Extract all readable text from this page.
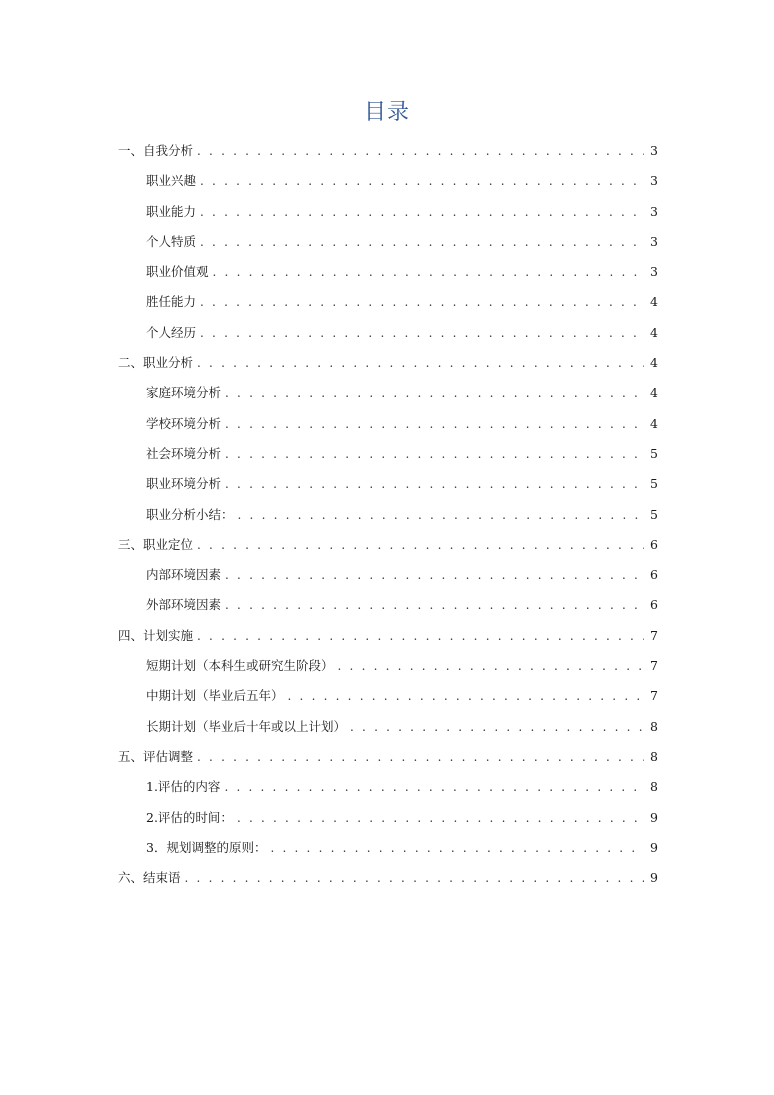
目录
一、自我分析 . . .	3
职业兴趣 . . .	3
职业能力 . . .	3
个人特质 . . .	3
职业价值观 . . .	3
胜任能力 . . .	4
个人经历 . . .	4
二、职业分析 . . .	4
家庭环境分析 . . .	4
学校环境分析 . . .	4
社会环境分析 . . .	5
职业环境分析 . . .	5
职业分析小结： . . .	5
三、职业定位 . . .	6
内部环境因素 . . .	6
外部环境因素 . . .	6
四、计划实施 . . .	7
短期计划（本科生或研究生阶段） . . .	7
中期计划（毕业后五年） . . .	7
长期计划（毕业后十年或以上计划） . . .	8
五、评估调整 . . .	8
1.评估的内容 . . .	8
2.评估的时间： . . .	9
3．规划调整的原则： . . .	9
六、结束语 . . .	9
